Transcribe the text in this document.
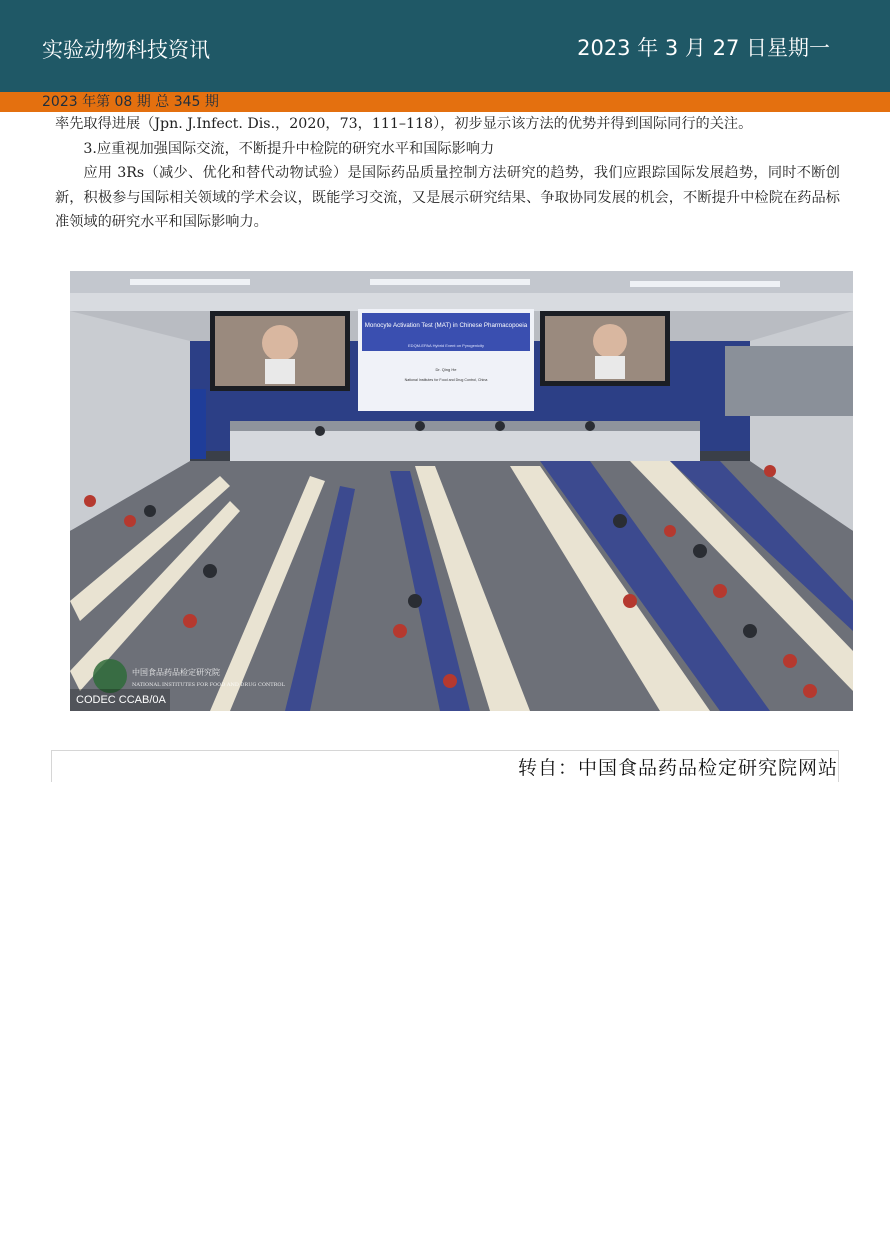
实验动物科技资讯	2023 年 3 月 27 日星期一
2023 年第 08 期 总 345 期

率先取得进展（Jpn. J.Infect. Dis.，2020，73，111–118），初步显示该方法的优势并得到国际同行的关注。

3.应重视加强国际交流，不断提升中检院的研究水平和国际影响力

应用 3Rs（减少、优化和替代动物试验）是国际药品质量控制方法研究的趋势，我们应跟踪国际发展趋势，同时不断创新，积极参与国际相关领域的学术会议，既能学习交流，又是展示研究结果、争取协同发展的机会，不断提升中检院在药品标准领域的研究水平和国际影响力。

Monocyte Activation Test (MAT) in Chinese Pharmacopoeia
EDQM-EPAA Hybrid Event on Pyrogenicity
Dr. Qing He
National Institutes for Food and Drug Control, China
中国食品药品检定研究院
NATIONAL INSTITUTES FOR FOOD AND DRUG CONTROL
CODEC CCAB/0A
转自：中国食品药品检定研究院网站
